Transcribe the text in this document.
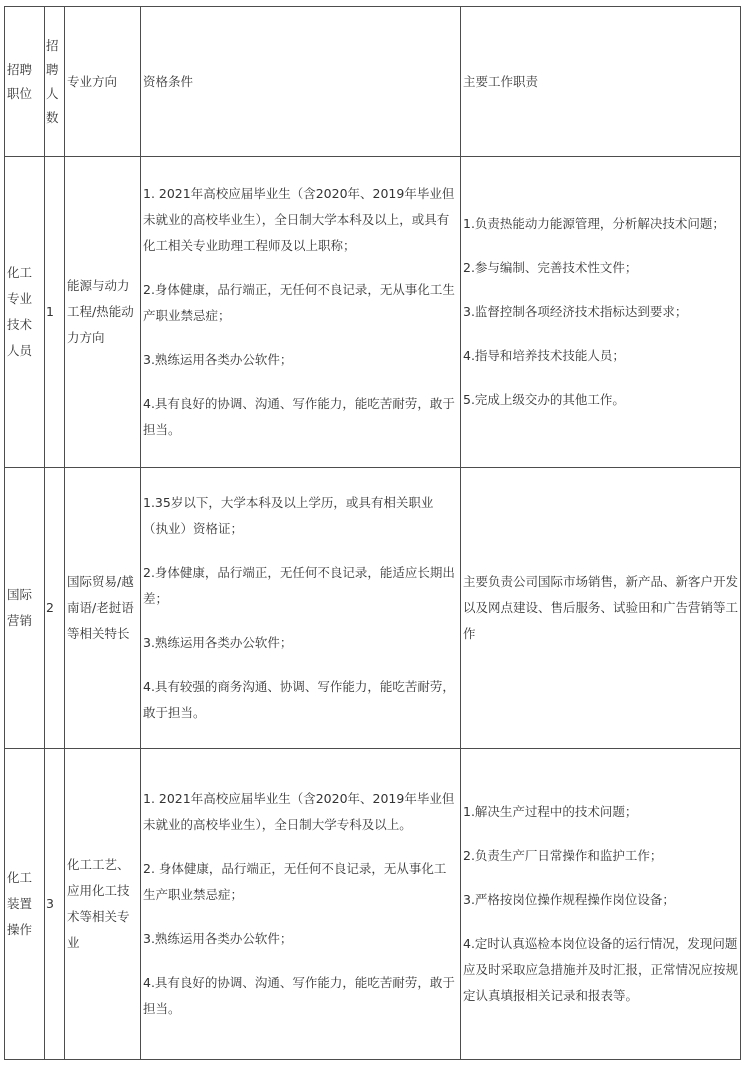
招聘职位
招聘人数
专业方向	资格条件	主要工作职责
化工专业技术人员
1
能源与动力工程/热能动力方向
1. 2021年高校应届毕业生（含2020年、2019年毕业但未就业的高校毕业生），全日制大学本科及以上，或具有化工相关专业助理工程师及以上职称；
2.身体健康，品行端正，无任何不良记录，无从事化工生产职业禁忌症；
3.熟练运用各类办公软件；
4.具有良好的协调、沟通、写作能力，能吃苦耐劳，敢于担当。
1.负责热能动力能源管理，分析解决技术问题；
2.参与编制、完善技术性文件；
3.监督控制各项经济技术指标达到要求；
4.指导和培养技术技能人员；
5.完成上级交办的其他工作。
国际营销
2
国际贸易/越南语/老挝语等相关特长
1.35岁以下，大学本科及以上学历，或具有相关职业（执业）资格证；
2.身体健康，品行端正，无任何不良记录，能适应长期出差；
3.熟练运用各类办公软件；
4.具有较强的商务沟通、协调、写作能力，能吃苦耐劳，敢于担当。
主要负责公司国际市场销售，新产品、新客户开发以及网点建设、售后服务、试验田和广告营销等工作
化工装置操作
3
化工工艺、应用化工技术等相关专业
1. 2021年高校应届毕业生（含2020年、2019年毕业但未就业的高校毕业生），全日制大学专科及以上。
2. 身体健康，品行端正，无任何不良记录，无从事化工生产职业禁忌症；
3.熟练运用各类办公软件；
4.具有良好的协调、沟通、写作能力，能吃苦耐劳，敢于担当。
1.解决生产过程中的技术问题；
2.负责生产厂日常操作和监护工作；
3.严格按岗位操作规程操作岗位设备；
4.定时认真巡检本岗位设备的运行情况，发现问题应及时采取应急措施并及时汇报，正常情况应按规定认真填报相关记录和报表等。
